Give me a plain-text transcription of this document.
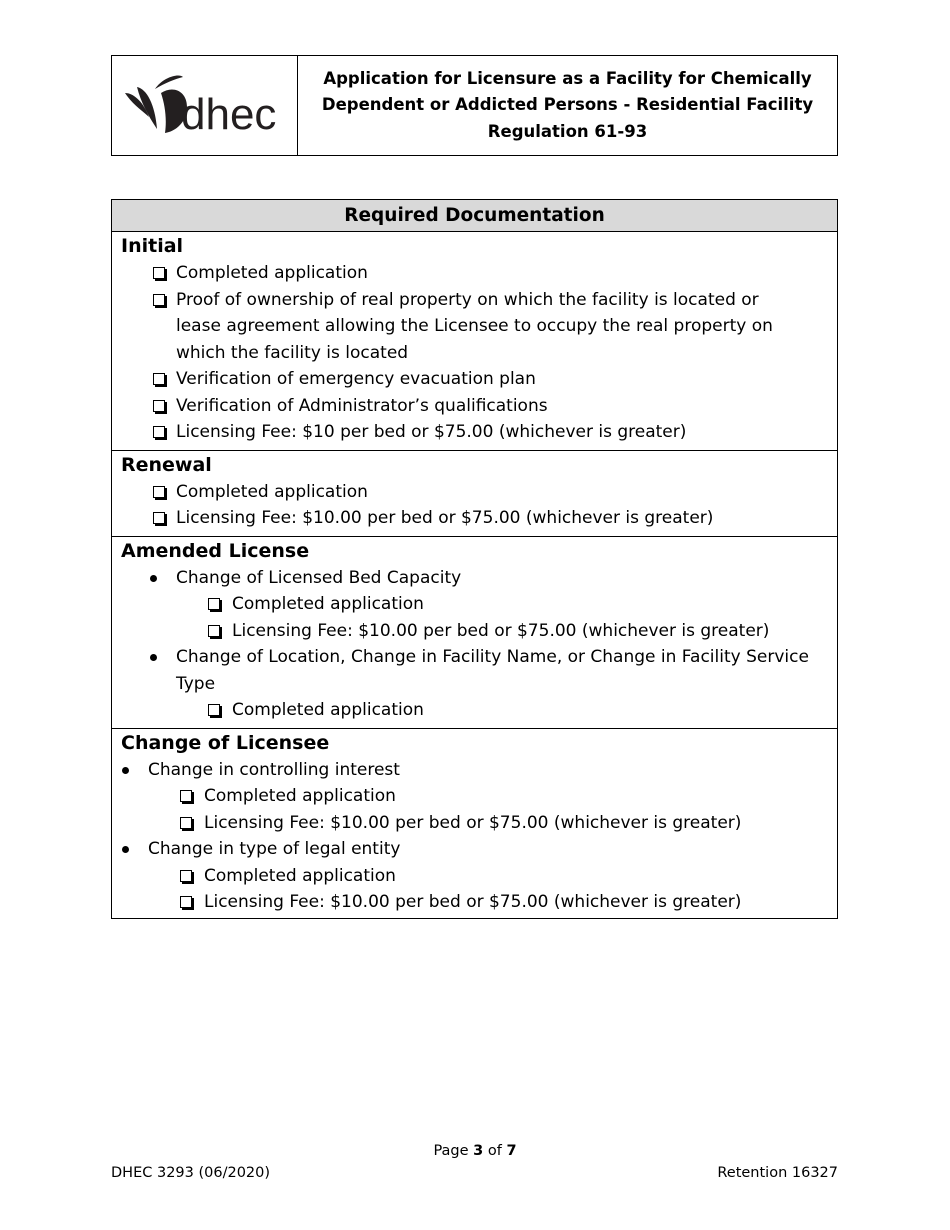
dhec
Application for Licensure as a Facility for Chemically
Dependent or Addicted Persons - Residential Facility
Regulation 61-93
Required Documentation
Initial
Completed application

Proof of ownership of real property on which the facility is located or

lease agreement allowing the Licensee to occupy the real property on

which the facility is located

Verification of emergency evacuation plan

Verification of Administrator’s qualifications

Licensing Fee: $10 per bed or $75.00 (whichever is greater)

Renewal
Completed application

Licensing Fee: $10.00 per bed or $75.00 (whichever is greater)

Amended License
Change of Licensed Bed Capacity

Completed application

Licensing Fee: $10.00 per bed or $75.00 (whichever is greater)

Change of Location, Change in Facility Name, or Change in Facility Service

Type

Completed application

Change of Licensee
Change in controlling interest

Completed application

Licensing Fee: $10.00 per bed or $75.00 (whichever is greater)

Change in type of legal entity

Completed application

Licensing Fee: $10.00 per bed or $75.00 (whichever is greater)

Page 3 of 7
DHEC 3293 (06/2020)	Retention 16327
